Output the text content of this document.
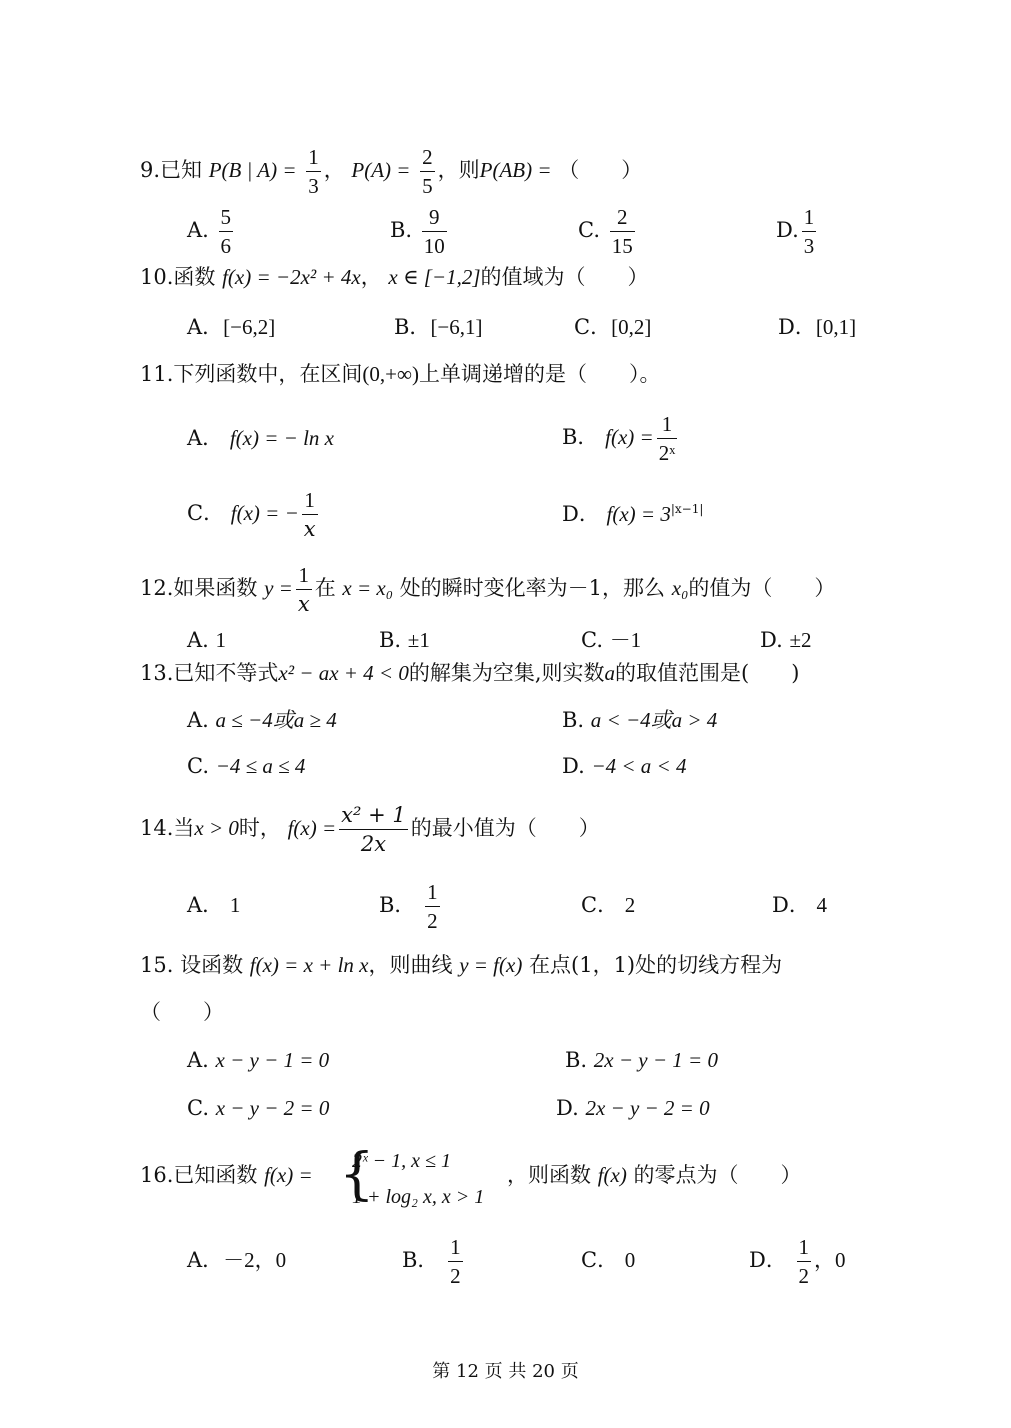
9.已知 P(B | $A) = \frac{1}{3}$ ， $P(A) = \frac{2}{5}$ ，则P(AB) = （　　）
A. $\frac{5}{6}$	B. $\frac{9}{10}$	C. $\frac{2}{15}$	D. $\frac{1}{3}$
10.函数 f(x) = −2x² + 4x， x ∈ [−1,2]的值域为（　　）
A．[−6,2]	B．[−6,1]	C．[0,2]	D．[0,1]
11.下列函数中，在区间(0,+∞)上单调递增的是（　　）。
A． f(x) = − ln x	B． $f(x) = \frac{1}{\text{2ˣ}}$
C． f(x) = − $\frac{1}{x}$	D． $f(x) = 3^{|x-1|}$
12.如果函数 $y = \frac{1}{x}$ 在 x = x₀ 处的瞬时变化率为－1，那么 x₀的值为（　　）
A. 1	B. ±1	C. －1	D. ±2
13.已知不等式x² − ax + 4 < 0的解集为空集,则实数a的取值范围是(　　)
A. a ≤ −4或a ≥ 4	B. a < −4或a > 4
C. −4 ≤ a ≤ 4	D. −4 < a < 4
14.当x > 0时， $f(x) = \frac{\text{x² + 1}}{2x}$ 的最小值为（　　）
A． 1	B． $\frac{1}{2}$	C． 2	D． 4
15. 设函数 f(x) = x + ln x，则曲线 y = f(x) 在点(1，1)处的切线方程为
（　　）
A. x − y − 1 = 0	B. 2x − y − 1 = 0
C. x − y − 2 = 0	D. 2x − y − 2 = 0
16.已知函数 f(x) = {
2ˣ − 1, x ≤ 1
1 + log₂ x, x > 1
，则函数 f(x) 的零点为（　　）
A．－2，0	B． $\frac{1}{2}$	C． 0	D． $\frac{1}{2}$ ，0
第 12 页 共 20 页
